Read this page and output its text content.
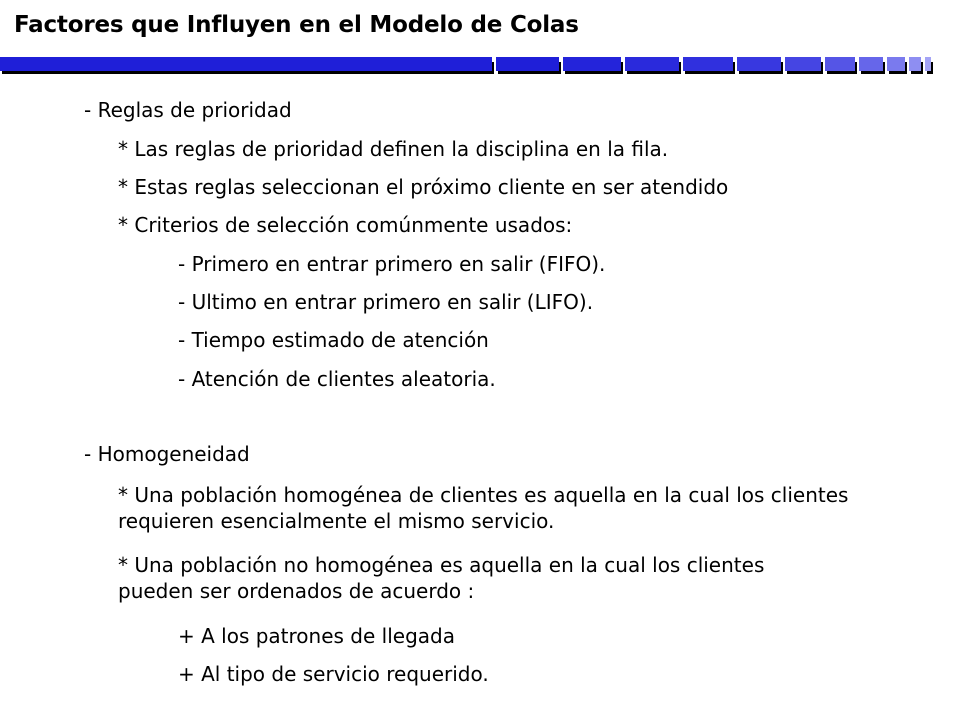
Factores que Influyen en el Modelo de Colas
- Reglas de prioridad
* Las reglas de prioridad definen la disciplina en la fila.
* Estas reglas seleccionan el próximo cliente en ser atendido
* Criterios de selección comúnmente usados:
- Primero en entrar primero en salir (FIFO).
- Ultimo en entrar primero en salir (LIFO).
- Tiempo estimado de atención
- Atención de clientes aleatoria.
- Homogeneidad
* Una población homogénea de clientes es aquella en la cual los clientes requieren esencialmente el mismo servicio.
* Una población no homogénea es aquella en la cual los clientes pueden ser ordenados de acuerdo :
+ A los patrones de llegada
+ Al tipo de servicio requerido.
